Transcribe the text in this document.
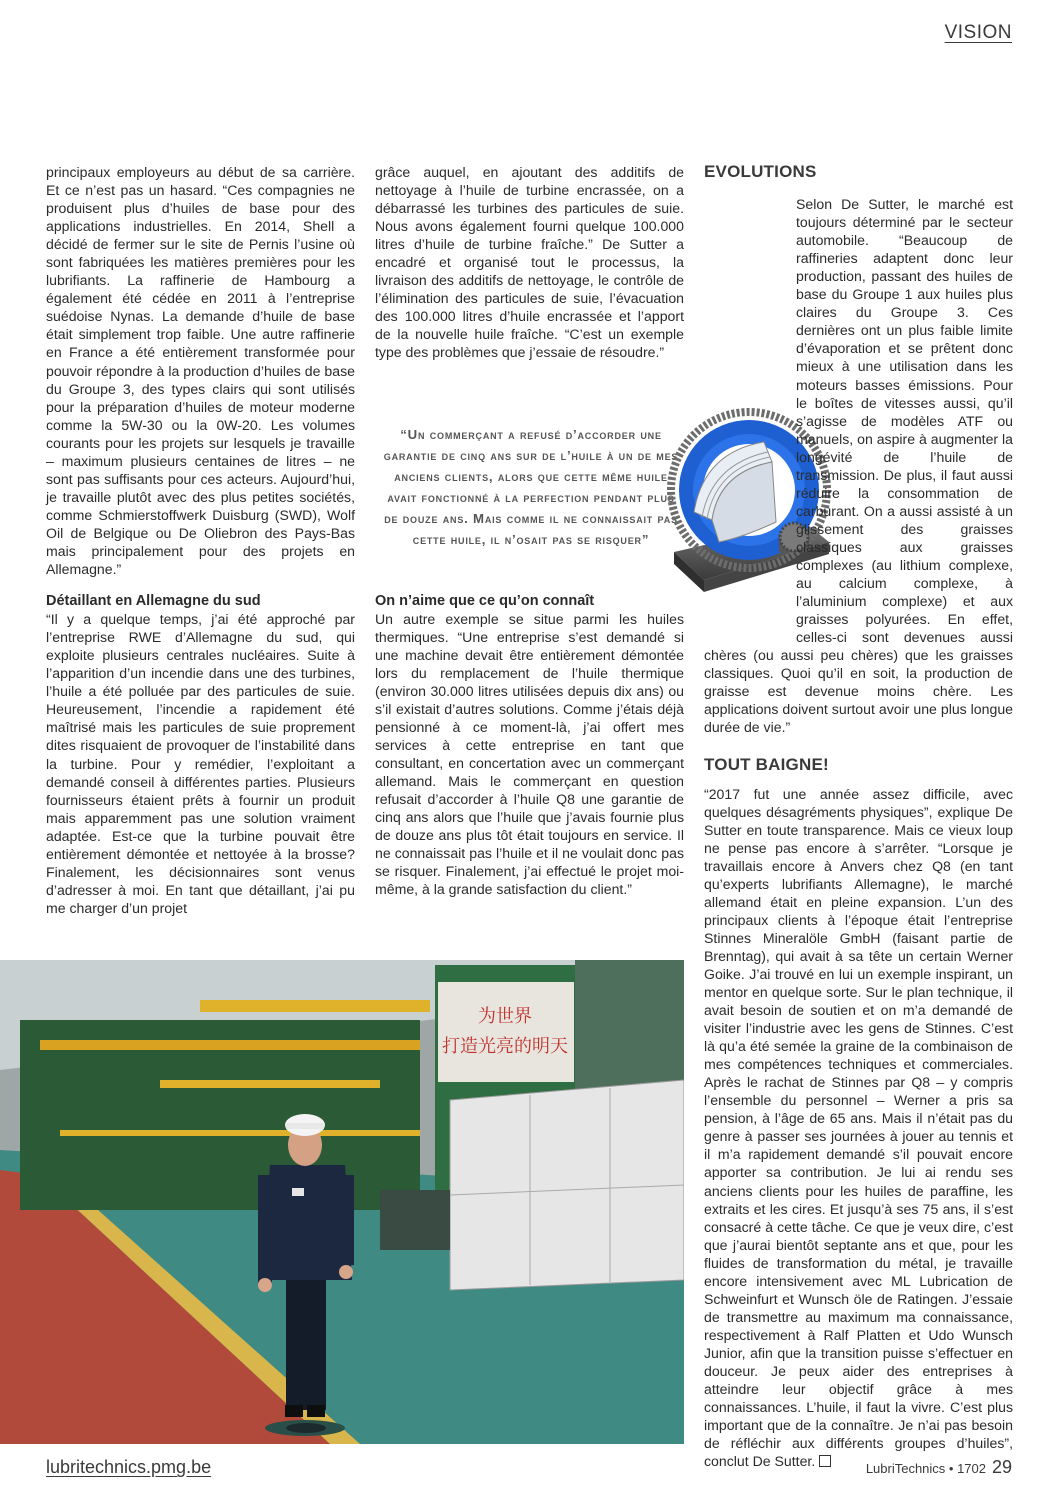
VISION

principaux employeurs au début de sa carrière. Et ce n’est pas un hasard. “Ces compagnies ne produisent plus d’huiles de base pour des applications industrielles. En 2014, Shell a décidé de fermer sur le site de Pernis l’usine où sont fabriquées les matières premières pour les lubrifiants. La raffinerie de Hambourg a également été cédée en 2011 à l’entreprise suédoise Nynas. La demande d’huile de base était simplement trop faible. Une autre raffinerie en France a été entièrement transformée pour pouvoir répondre à la production d’huiles de base du Groupe 3, des types clairs qui sont utilisés pour la préparation d’huiles de moteur moderne comme la 5W-30 ou la 0W-20. Les volumes courants pour les projets sur lesquels je travaille – maximum plusieurs centaines de litres – ne sont pas suffisants pour ces acteurs. Aujourd’hui, je travaille plutôt avec des plus petites sociétés, comme Schmierstoffwerk Duisburg (SWD), Wolf Oil de Belgique ou De Oliebron des Pays-Bas mais principalement pour des projets en Allemagne.”

Détaillant en Allemagne du sud

“Il y a quelque temps, j’ai été approché par l’entreprise RWE d’Allemagne du sud, qui exploite plusieurs centrales nucléaires. Suite à l’apparition d’un incendie dans une des turbines, l’huile a été polluée par des particules de suie. Heureusement, l’incendie a rapidement été maîtrisé mais les particules de suie proprement dites risquaient de provoquer de l’instabilité dans la turbine. Pour y remédier, l’exploitant a demandé conseil à différentes parties. Plusieurs fournisseurs étaient prêts à fournir un produit mais apparemment pas une solution vraiment adaptée. Est-ce que la turbine pouvait être entièrement démontée et nettoyée à la brosse? Finalement, les décisionnaires sont venus d’adresser à moi. En tant que détaillant, j’ai pu me charger d’un projet

grâce auquel, en ajoutant des additifs de nettoyage à l’huile de turbine encrassée, on a débarrassé les turbines des particules de suie. Nous avons également fourni quelque 100.000 litres d’huile de turbine fraîche.” De Sutter a encadré et organisé tout le processus, la livraison des additifs de nettoyage, le contrôle de l’élimination des particules de suie, l’évacuation des 100.000 litres d’huile encrassée et l’apport de la nouvelle huile fraîche. “C’est un exemple type des problèmes que j’essaie de résoudre.”

On n’aime que ce qu’on connaît

Un autre exemple se situe parmi les huiles thermiques. “Une entreprise s’est demandé si une machine devait être entièrement démontée lors du remplacement de l’huile thermique (environ 30.000 litres utilisées depuis dix ans) ou s’il existait d’autres solutions. Comme j’étais déjà pensionné à ce moment-là, j’ai offert mes services à cette entreprise en tant que consultant, en concertation avec un commerçant allemand. Mais le commerçant en question refusait d’accorder à l’huile Q8 une garantie de cinq ans alors que l’huile que j’avais fournie plus de douze ans plus tôt était toujours en service. Il ne connaissait pas l’huile et il ne voulait donc pas se risquer. Finalement, j’ai effectué le projet moi-même, à la grande satisfaction du client.”

“Un commerçant a refusé d’accorder une garantie de cinq ans sur de l’huile à un de mes anciens clients, alors que cette même huile avait fonctionné à la perfection pendant plus de douze ans. Mais comme il ne connaissait pas cette huile, il n’osait pas se risquer”
EVOLUTIONS

Selon De Sutter, le marché est toujours déterminé par le secteur automobile. “Beaucoup de raffineries adaptent donc leur production, passant des huiles de base du Groupe 1 aux huiles plus claires du Groupe 3. Ces dernières ont un plus faible limite d’évaporation et se prêtent donc mieux à une utilisation dans les moteurs basses émissions. Pour le boîtes de vitesses aussi, qu’il s’agisse de modèles ATF ou manuels, on aspire à augmenter la longévité de l’huile de transmission. De plus, il faut aussi réduire la consommation de carburant. On a aussi assisté à un glissement des graisses classiques aux graisses complexes (au lithium complexe, au calcium complexe, à l’aluminium complexe) et aux graisses polyurées. En effet, celles-ci sont devenues aussi chères (ou aussi peu chères) que les graisses classiques. Quoi qu’il en soit, la production de graisse est devenue moins chère. Les applications doivent surtout avoir une plus longue durée de vie.”

TOUT BAIGNE!

“2017 fut une année assez difficile, avec quelques désagréments physiques”, explique De Sutter en toute transparence. Mais ce vieux loup ne pense pas encore à s’arrêter. “Lorsque je travaillais encore à Anvers chez Q8 (en tant qu’experts lubrifiants Allemagne), le marché allemand était en pleine expansion. L’un des principaux clients à l’époque était l’entreprise Stinnes Mineralöle GmbH (faisant partie de Brenntag), qui avait à sa tête un certain Werner Goike. J’ai trouvé en lui un exemple inspirant, un mentor en quelque sorte. Sur le plan technique, il avait besoin de soutien et on m’a demandé de visiter l’industrie avec les gens de Stinnes. C’est là qu’a été semée la graine de la combinaison de mes compétences techniques et commerciales. Après le rachat de Stinnes par Q8 – y compris l’ensemble du personnel – Werner a pris sa pension, à l’âge de 65 ans. Mais il n’était pas du genre à passer ses journées à jouer au tennis et il m’a rapidement demandé s’il pouvait encore apporter sa contribution. Je lui ai rendu ses anciens clients pour les huiles de paraffine, les extraits et les cires. Et jusqu’à ses 75 ans, il s’est consacré à cette tâche. Ce que je veux dire, c’est que j’aurai bientôt septante ans et que, pour les fluides de transformation du métal, je travaille encore intensivement avec ML Lubrication de Schweinfurt et Wunsch öle de Ratingen. J’essaie de transmettre au maximum ma connaissance, respectivement à Ralf Platten et Udo Wunsch Junior, afin que la transition puisse s’effectuer en douceur. Je peux aider des entreprises à atteindre leur objectif grâce à mes connaissances. L’huile, il faut la vivre. C’est plus important que de la connaître. Je n’ai pas besoin de réfléchir aux différents groupes d’huiles”, conclut De Sutter.

为世界
打造光亮的明天
lubritechnics.pmg.be	LubriTechnics • 1702 29
